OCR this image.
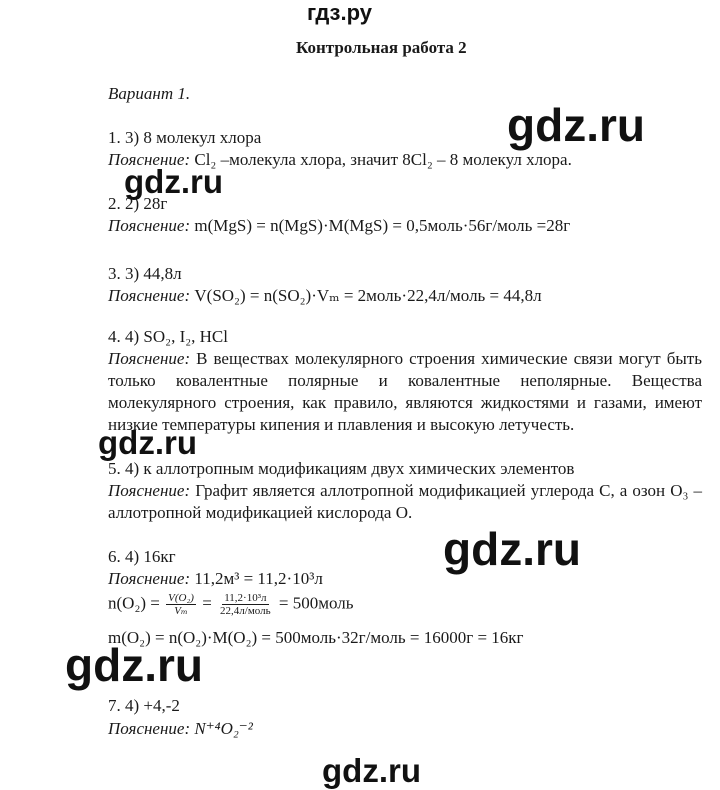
гдз.ру
Контрольная работа 2
Вариант 1.
gdz.ru
1. 3) 8 молекул хлора
Пояснение: Cl₂ –молекула хлора, значит 8Cl₂ – 8 молекул хлора.
gdz.ru
2. 2) 28г
Пояснение: m(MgS) = n(MgS)·M(MgS) = 0,5моль·56г/моль =28г
3. 3) 44,8л
Пояснение: V(SO₂) = n(SO₂)·Vₘ = 2моль·22,4л/моль = 44,8л
4. 4) SO₂, I₂, HCl
Пояснение: В веществах молекулярного строения химические связи могут быть только ковалентные полярные и ковалентные неполярные. Вещества молекулярного строения, как правило, являются жидкостями и газами, имеют низкие температуры кипения и плавления и высокую летучесть.
gdz.ru
5. 4) к аллотропным модификациям двух химических элементов
Пояснение: Графит является аллотропной модификацией углерода С, а озон O₃ – аллотропной модификацией кислорода О.
gdz.ru
6. 4) 16кг
Пояснение: 11,2м³ = 11,2·10³л
$n(O_2) = \frac{\text{V(O₂)}}{\text{Vₘ}} = \frac{\text{11,2·10³л}}{\text{22,4л/моль}}$ = 500моль
m(O₂) = n(O₂)·M(O₂) = 500моль·32г/моль = 16000г = 16кг
gdz.ru
7. 4) +4,-2
Пояснение: N⁺⁴O₂⁻²
gdz.ru
